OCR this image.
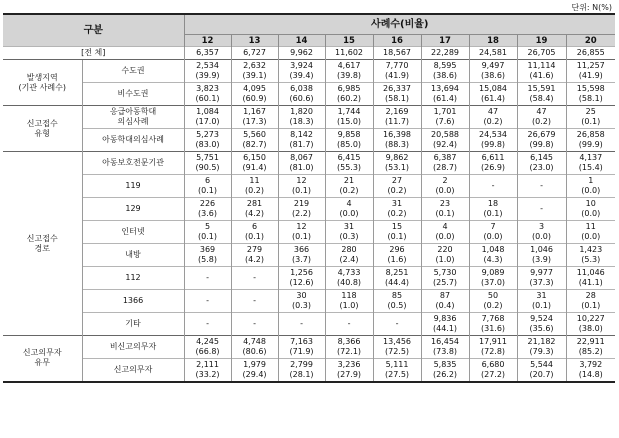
단위: N(%)
구분		사례수(비율)								
		12	13	14	15	16	17	18	19	20
[전 체]		6,357	6,727	9,962	11,602	18,567	22,289	24,581	26,705	26,855
발생지역
(기관 사례수)	수도권	2,534
(39.9)	2,632
(39.1)	3,924
(39.4)	4,617
(39.8)	7,770
(41.9)	8,595
(38.6)	9,497
(38.6)	11,114
(41.6)	11,257
(41.9)

	비수도권	3,823
(60.1)	4,095
(60.9)	6,038
(60.6)	6,985
(60.2)	26,337
(58.1)	13,694
(61.4)	15,084
(61.4)	15,591
(58.4)	15,598
(58.1)

신고접수
유형	응급아동학대
의심사례	1,084
(17.0)	1,167
(17.3)	1,820
(18.3)	1,744
(15.0)	2,169
(11.7)	1,701
(7.6)	47
(0.2)	47
(0.2)	25
(0.1)

	아동학대의심사례	5,273
(83.0)	5,560
(82.7)	8,142
(81.7)	9,858
(85.0)	16,398
(88.3)	20,588
(92.4)	24,534
(99.8)	26,679
(99.8)	26,858
(99.9)

신고접수
경로	아동보호전문기관	5,751
(90.5)	6,150
(91.4)	8,067
(81.0)	6,415
(55.3)	9,862
(53.1)	6,387
(28.7)	6,611
(26.9)	6,145
(23.0)	4,137
(15.4)

	119	6
(0.1)	11
(0.2)	12
(0.1)	21
(0.2)	27
(0.2)	2
(0.0)	-	-	1
(0.0)

	129	226
(3.6)	281
(4.2)	219
(2.2)	4
(0.0)	31
(0.2)	23
(0.1)	18
(0.1)	-	10
(0.0)

	인터넷	5
(0.1)	6
(0.1)	12
(0.1)	31
(0.3)	15
(0.1)	4
(0.0)	7
(0.0)	3
(0.0)	11
(0.0)

	내방	369
(5.8)	279
(4.2)	366
(3.7)	280
(2.4)	296
(1.6)	220
(1.0)	1,048
(4.3)	1,046
(3.9)	1,423
(5.3)

	112	-	-	1,256
(12.6)	4,733
(40.8)	8,251
(44.4)	5,730
(25.7)	9,089
(37.0)	9,977
(37.3)	11,046
(41.1)

	1366	-	-	30
(0.3)	118
(1.0)	85
(0.5)	87
(0.4)	50
(0.2)	31
(0.1)	28
(0.1)

	기타	-	-	-	-	-	9,836
(44.1)	7,768
(31.6)	9,524
(35.6)	10,227
(38.0)

신고의무자
유무	비신고의무자	4,245
(66.8)	4,748
(80.6)	7,163
(71.9)	8,366
(72.1)	13,456
(72.5)	16,454
(73.8)	17,911
(72.8)	21,182
(79.3)	22,911
(85.2)

	신고의무자	2,111
(33.2)	1,979
(29.4)	2,799
(28.1)	3,236
(27.9)	5,111
(27.5)	5,835
(26.2)	6,680
(27.2)	5,544
(20.7)	3,792
(14.8)
